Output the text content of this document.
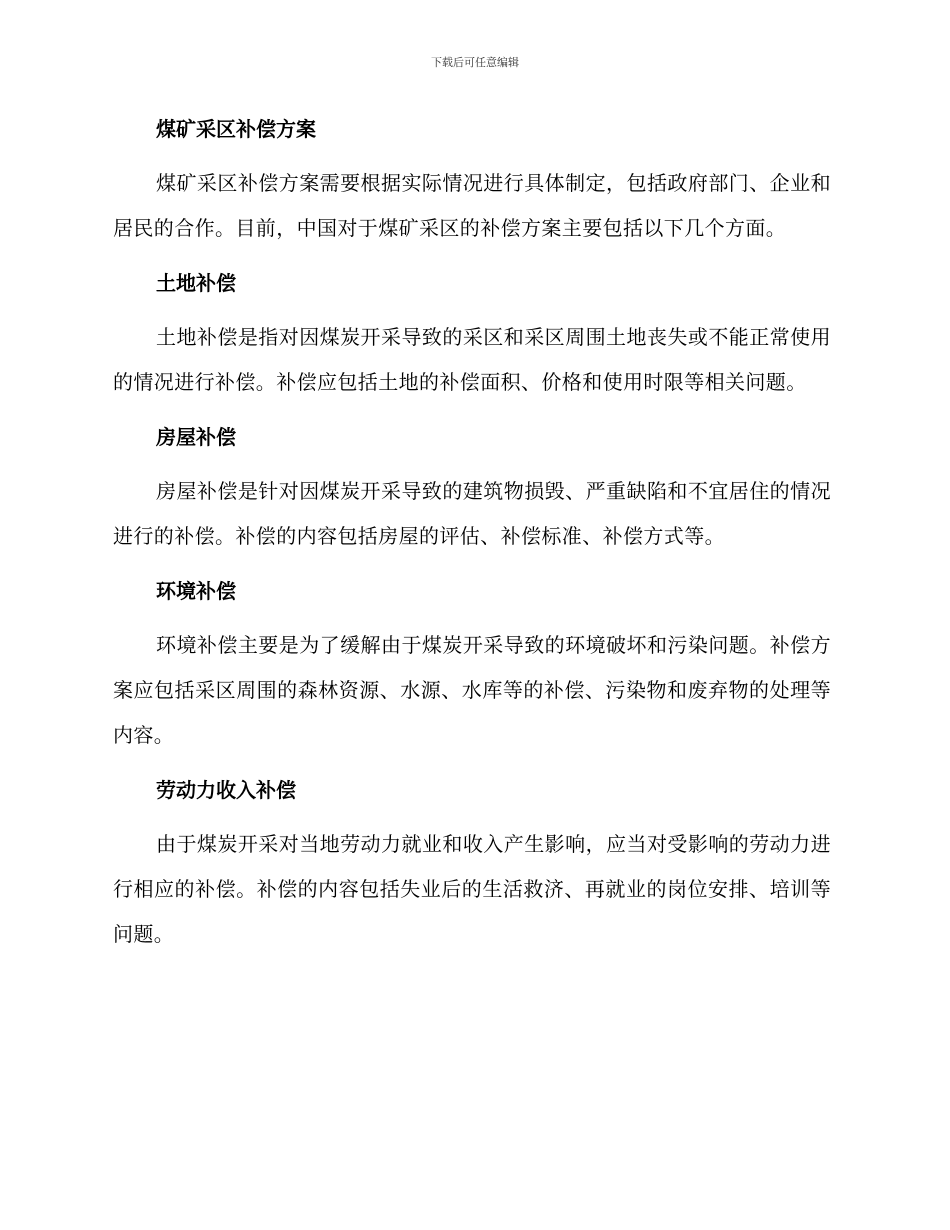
下载后可任意编辑
煤矿采区补偿方案

煤矿采区补偿方案需要根据实际情况进行具体制定，包括政府部门、企业和居民的合作。目前，中国对于煤矿采区的补偿方案主要包括以下几个方面。

土地补偿

土地补偿是指对因煤炭开采导致的采区和采区周围土地丧失或不能正常使用的情况进行补偿。补偿应包括土地的补偿面积、价格和使用时限等相关问题。

房屋补偿

房屋补偿是针对因煤炭开采导致的建筑物损毁、严重缺陷和不宜居住的情况进行的补偿。补偿的内容包括房屋的评估、补偿标准、补偿方式等。

环境补偿

环境补偿主要是为了缓解由于煤炭开采导致的环境破坏和污染问题。补偿方案应包括采区周围的森林资源、水源、水库等的补偿、污染物和废弃物的处理等内容。

劳动力收入补偿

由于煤炭开采对当地劳动力就业和收入产生影响，应当对受影响的劳动力进行相应的补偿。补偿的内容包括失业后的生活救济、再就业的岗位安排、培训等问题。
